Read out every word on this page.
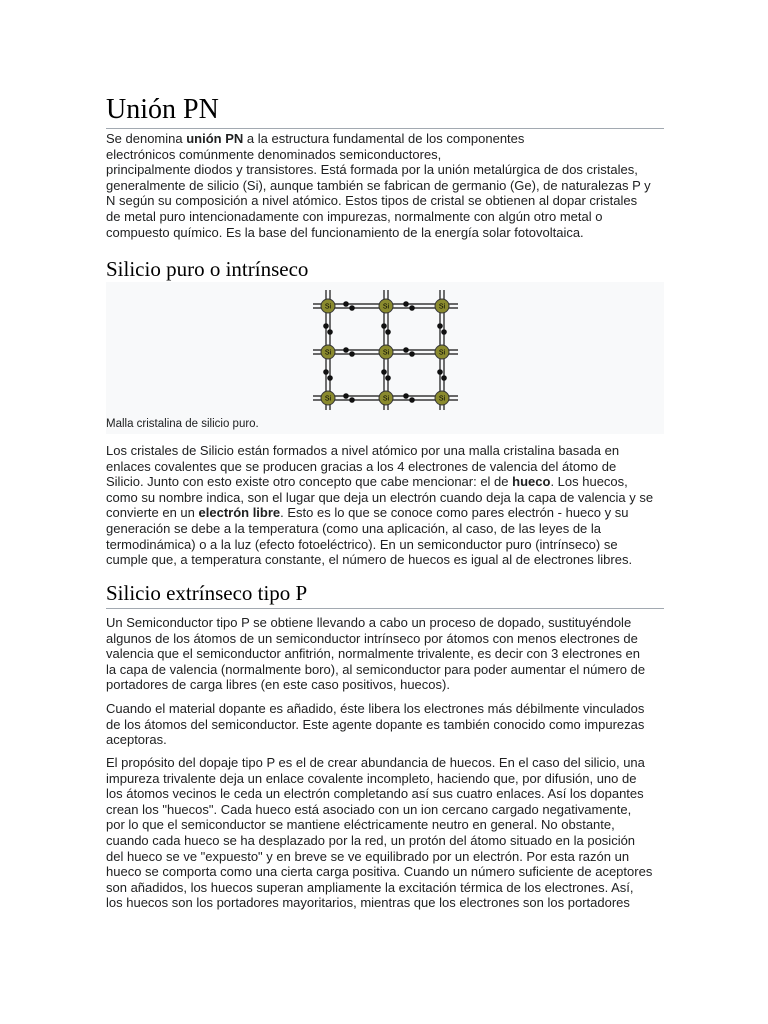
Unión PN

Se denomina unión PN a la estructura fundamental de los componentes

electrónicos comúnmente denominados semiconductores,

principalmente diodos y transistores. Está formada por la unión metalúrgica de dos cristales,

generalmente de silicio (Si), aunque también se fabrican de germanio (Ge), de naturalezas P y

N según su composición a nivel atómico. Estos tipos de cristal se obtienen al dopar cristales

de metal puro intencionadamente con impurezas, normalmente con algún otro metal o

compuesto químico. Es la base del funcionamiento de la energía solar fotovoltaica.

Silicio puro o intrínseco
Si	Si	Si
Si	Si	Si
Si	Si	Si
Malla cristalina de silicio puro.

Los cristales de Silicio están formados a nivel atómico por una malla cristalina basada en

enlaces covalentes que se producen gracias a los 4 electrones de valencia del átomo de

Silicio. Junto con esto existe otro concepto que cabe mencionar: el de hueco. Los huecos,

como su nombre indica, son el lugar que deja un electrón cuando deja la capa de valencia y se

convierte en un electrón libre. Esto es lo que se conoce como pares electrón - hueco y su

generación se debe a la temperatura (como una aplicación, al caso, de las leyes de la

termodinámica) o a la luz (efecto fotoeléctrico). En un semiconductor puro (intrínseco) se

cumple que, a temperatura constante, el número de huecos es igual al de electrones libres.

Silicio extrínseco tipo P

Un Semiconductor tipo P se obtiene llevando a cabo un proceso de dopado, sustituyéndole

algunos de los átomos de un semiconductor intrínseco por átomos con menos electrones de

valencia que el semiconductor anfitrión, normalmente trivalente, es decir con 3 electrones en

la capa de valencia (normalmente boro), al semiconductor para poder aumentar el número de

portadores de carga libres (en este caso positivos, huecos).

Cuando el material dopante es añadido, éste libera los electrones más débilmente vinculados

de los átomos del semiconductor. Este agente dopante es también conocido como impurezas

aceptoras.

El propósito del dopaje tipo P es el de crear abundancia de huecos. En el caso del silicio, una

impureza trivalente deja un enlace covalente incompleto, haciendo que, por difusión, uno de

los átomos vecinos le ceda un electrón completando así sus cuatro enlaces. Así los dopantes

crean los "huecos". Cada hueco está asociado con un ion cercano cargado negativamente,

por lo que el semiconductor se mantiene eléctricamente neutro en general. No obstante,

cuando cada hueco se ha desplazado por la red, un protón del átomo situado en la posición

del hueco se ve "expuesto" y en breve se ve equilibrado por un electrón. Por esta razón un

hueco se comporta como una cierta carga positiva. Cuando un número suficiente de aceptores

son añadidos, los huecos superan ampliamente la excitación térmica de los electrones. Así,

los huecos son los portadores mayoritarios, mientras que los electrones son los portadores
